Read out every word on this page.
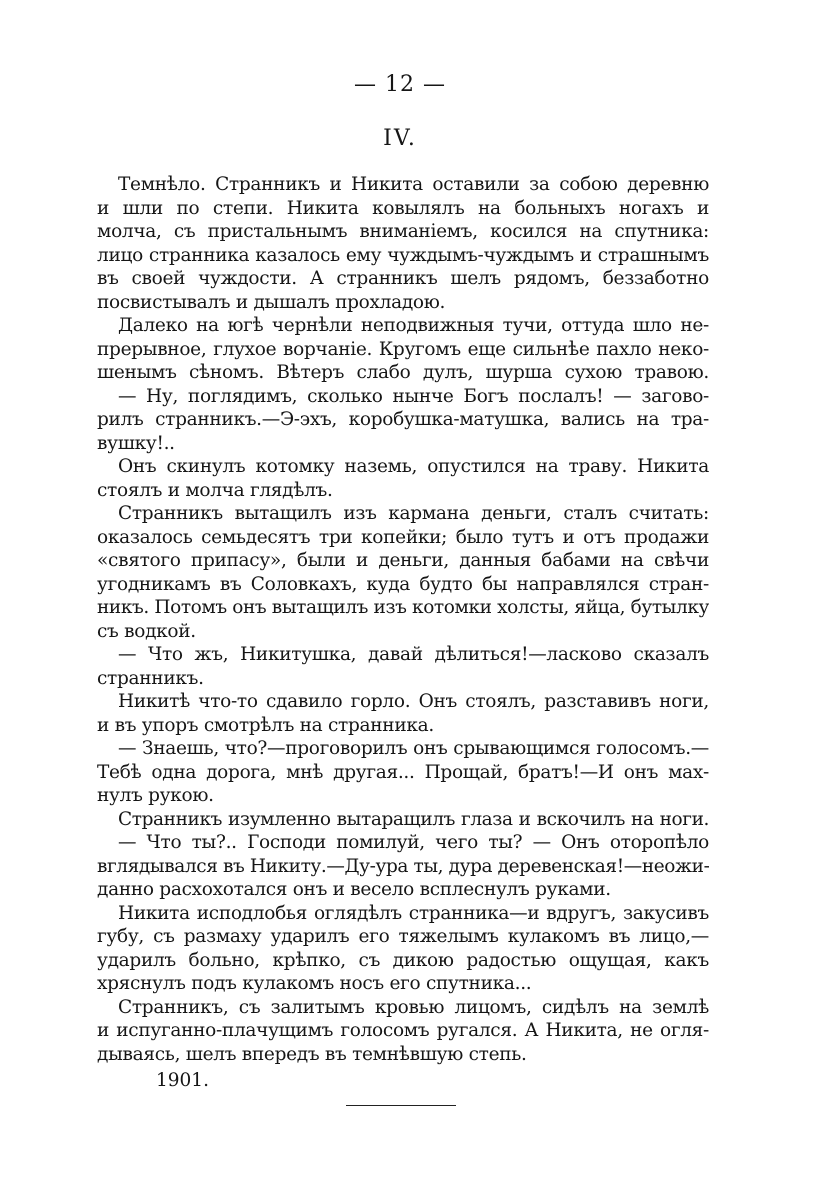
— 12 —
IV.
Темнѣло. Странникъ и Никита оставили за собою деревню
и шли по степи. Никита ковылялъ на больныхъ ногахъ и
молча, съ пристальнымъ вниманіемъ, косился на спутника:
лицо странника казалось ему чуждымъ-чуждымъ и страшнымъ
въ своей чуждости. А странникъ шелъ рядомъ, беззаботно
посвистывалъ и дышалъ прохладою.
Далеко на югѣ чернѣли неподвижныя тучи, оттуда шло не-
прерывное, глухое ворчаніе. Кругомъ еще сильнѣе пахло неко-
шенымъ сѣномъ. Вѣтеръ слабо дулъ, шурша сухою травою.
— Ну, поглядимъ, сколько нынче Богъ послалъ! — загово-
рилъ странникъ.—Э-эхъ, коробушка-матушка, вались на тра-
вушку!..
Онъ скинулъ котомку наземь, опустился на траву. Никита
стоялъ и молча глядѣлъ.
Странникъ вытащилъ изъ кармана деньги, сталъ считать:
оказалось семьдесятъ три копейки; было тутъ и отъ продажи
«святого припасу», были и деньги, данныя бабами на свѣчи
угодникамъ въ Соловкахъ, куда будто бы направлялся стран-
никъ. Потомъ онъ вытащилъ изъ котомки холсты, яйца, бутылку
съ водкой.
— Что жъ, Никитушка, давай дѣлиться!—ласково сказалъ
странникъ.
Никитѣ что-то сдавило горло. Онъ стоялъ, разставивъ ноги,
и въ упоръ смотрѣлъ на странника.
— Знаешь, что?—проговорилъ онъ срывающимся голосомъ.—
Тебѣ одна дорога, мнѣ другая... Прощай, братъ!—И онъ мах-
нулъ рукою.
Странникъ изумленно вытаращилъ глаза и вскочилъ на ноги.
— Что ты?.. Господи помилуй, чего ты? — Онъ оторопѣло
вглядывался въ Никиту.—Ду-ура ты, дура деревенская!—неожи-
данно расхохотался онъ и весело всплеснулъ руками.
Никита исподлобья оглядѣлъ странника—и вдругъ, закусивъ
губу, съ размаху ударилъ его тяжелымъ кулакомъ въ лицо,—
ударилъ больно, крѣпко, съ дикою радостью ощущая, какъ
хряснулъ подъ кулакомъ носъ его спутника...
Странникъ, съ залитымъ кровью лицомъ, сидѣлъ на землѣ
и испуганно-плачущимъ голосомъ ругался. А Никита, не огля-
дываясь, шелъ впередъ въ темнѣвшую степь.
1901.
